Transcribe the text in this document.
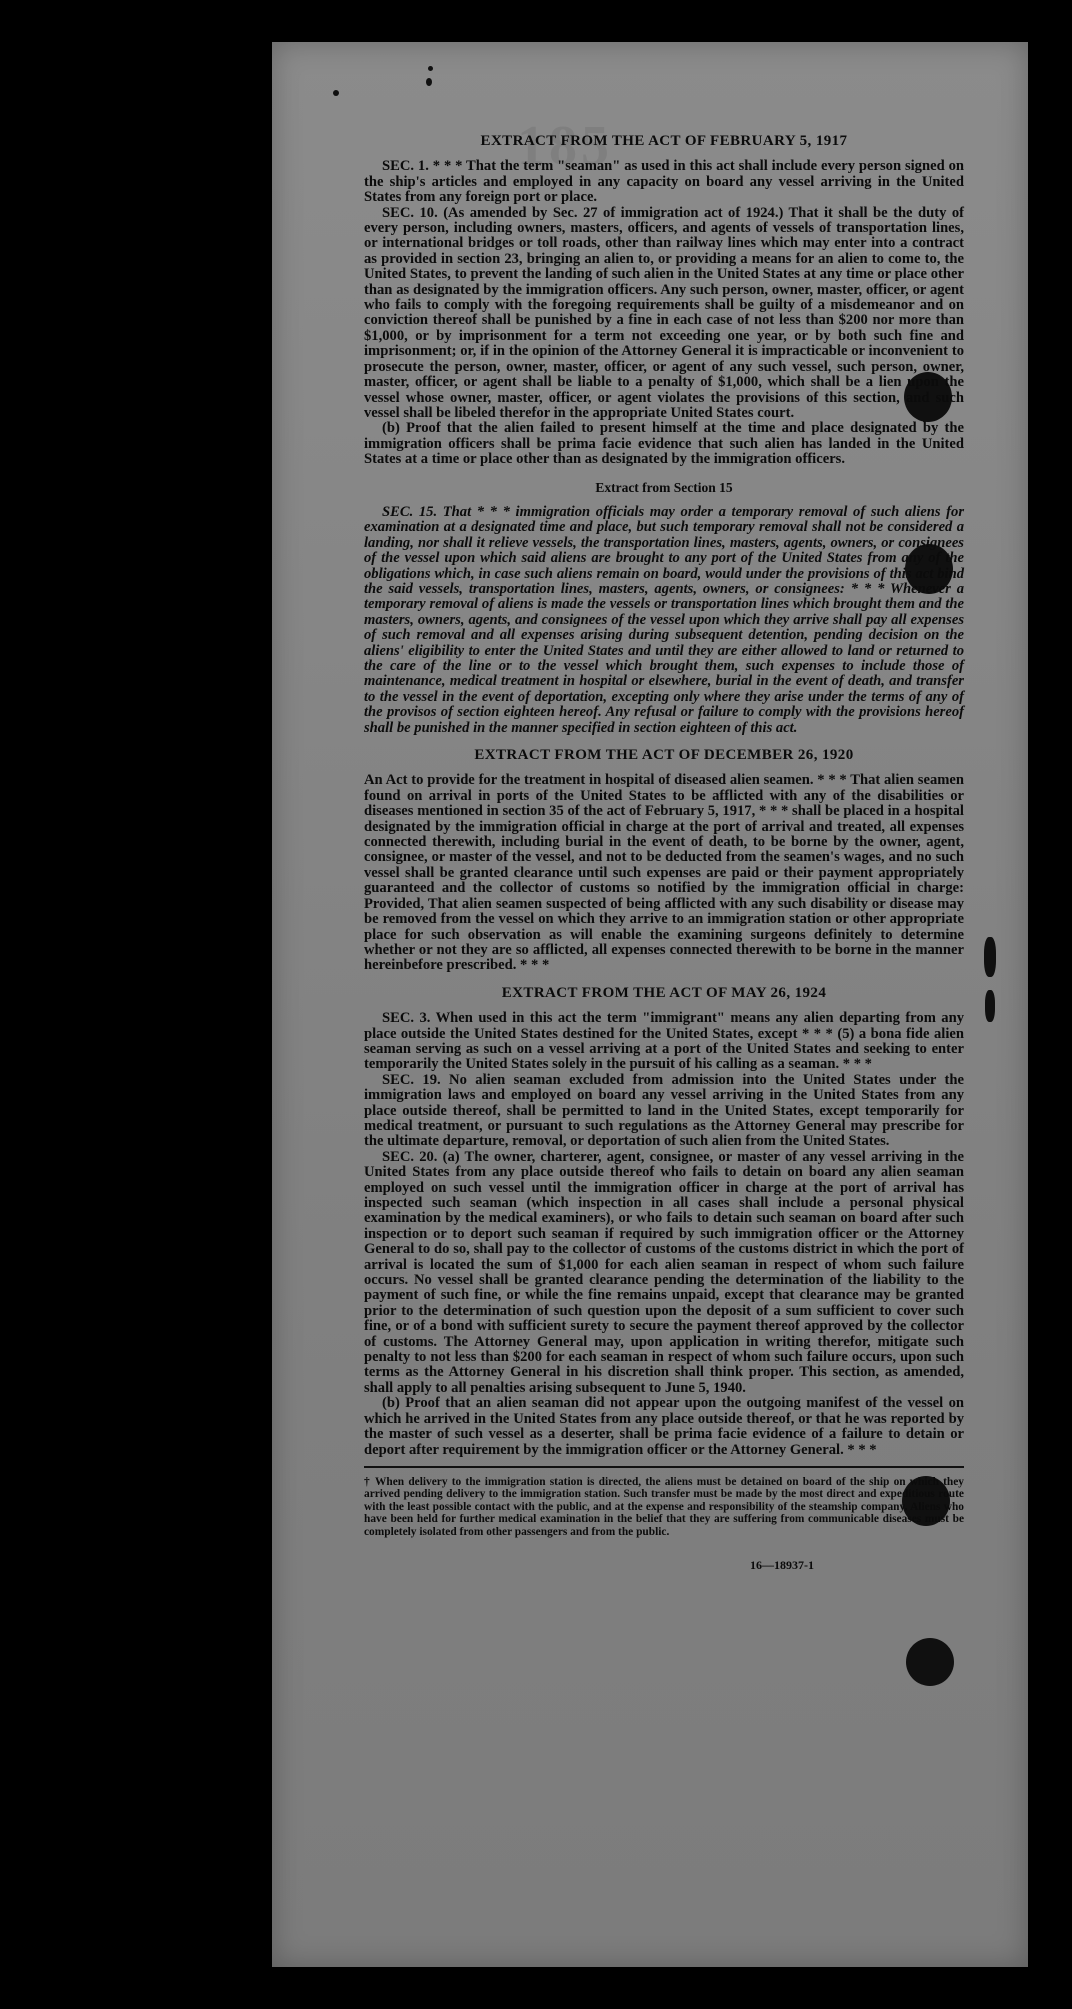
185
EXTRACT FROM THE ACT OF FEBRUARY 5, 1917

SEC. 1. * * * That the term "seaman" as used in this act shall include every person signed on the ship's articles and employed in any capacity on board any vessel arriving in the United States from any foreign port or place.

SEC. 10. (As amended by Sec. 27 of immigration act of 1924.) That it shall be the duty of every person, including owners, masters, officers, and agents of vessels of transportation lines, or international bridges or toll roads, other than railway lines which may enter into a contract as provided in section 23, bringing an alien to, or providing a means for an alien to come to, the United States, to prevent the landing of such alien in the United States at any time or place other than as designated by the immigration officers. Any such person, owner, master, officer, or agent who fails to comply with the foregoing requirements shall be guilty of a misdemeanor and on conviction thereof shall be punished by a fine in each case of not less than $200 nor more than $1,000, or by imprisonment for a term not exceeding one year, or by both such fine and imprisonment; or, if in the opinion of the Attorney General it is impracticable or inconvenient to prosecute the person, owner, master, officer, or agent of any such vessel, such person, owner, master, officer, or agent shall be liable to a penalty of $1,000, which shall be a lien upon the vessel whose owner, master, officer, or agent violates the provisions of this section, and such vessel shall be libeled therefor in the appropriate United States court.

(b) Proof that the alien failed to present himself at the time and place designated by the immigration officers shall be prima facie evidence that such alien has landed in the United States at a time or place other than as designated by the immigration officers.

Extract from Section 15

SEC. 15. That * * * immigration officials may order a temporary removal of such aliens for examination at a designated time and place, but such temporary removal shall not be considered a landing, nor shall it relieve vessels, the transportation lines, masters, agents, owners, or consignees of the vessel upon which said aliens are brought to any port of the United States from any of the obligations which, in case such aliens remain on board, would under the provisions of this act bind the said vessels, transportation lines, masters, agents, owners, or consignees: * * * Whenever a temporary removal of aliens is made the vessels or transportation lines which brought them and the masters, owners, agents, and consignees of the vessel upon which they arrive shall pay all expenses of such removal and all expenses arising during subsequent detention, pending decision on the aliens' eligibility to enter the United States and until they are either allowed to land or returned to the care of the line or to the vessel which brought them, such expenses to include those of maintenance, medical treatment in hospital or elsewhere, burial in the event of death, and transfer to the vessel in the event of deportation, excepting only where they arise under the terms of any of the provisos of section eighteen hereof. Any refusal or failure to comply with the provisions hereof shall be punished in the manner specified in section eighteen of this act.

EXTRACT FROM THE ACT OF DECEMBER 26, 1920

An Act to provide for the treatment in hospital of diseased alien seamen. * * * That alien seamen found on arrival in ports of the United States to be afflicted with any of the disabilities or diseases mentioned in section 35 of the act of February 5, 1917, * * * shall be placed in a hospital designated by the immigration official in charge at the port of arrival and treated, all expenses connected therewith, including burial in the event of death, to be borne by the owner, agent, consignee, or master of the vessel, and not to be deducted from the seamen's wages, and no such vessel shall be granted clearance until such expenses are paid or their payment appropriately guaranteed and the collector of customs so notified by the immigration official in charge: Provided, That alien seamen suspected of being afflicted with any such disability or disease may be removed from the vessel on which they arrive to an immigration station or other appropriate place for such observation as will enable the examining surgeons definitely to determine whether or not they are so afflicted, all expenses connected therewith to be borne in the manner hereinbefore prescribed. * * *

EXTRACT FROM THE ACT OF MAY 26, 1924

SEC. 3. When used in this act the term "immigrant" means any alien departing from any place outside the United States destined for the United States, except * * * (5) a bona fide alien seaman serving as such on a vessel arriving at a port of the United States and seeking to enter temporarily the United States solely in the pursuit of his calling as a seaman. * * *

SEC. 19. No alien seaman excluded from admission into the United States under the immigration laws and employed on board any vessel arriving in the United States from any place outside thereof, shall be permitted to land in the United States, except temporarily for medical treatment, or pursuant to such regulations as the Attorney General may prescribe for the ultimate departure, removal, or deportation of such alien from the United States.

SEC. 20. (a) The owner, charterer, agent, consignee, or master of any vessel arriving in the United States from any place outside thereof who fails to detain on board any alien seaman employed on such vessel until the immigration officer in charge at the port of arrival has inspected such seaman (which inspection in all cases shall include a personal physical examination by the medical examiners), or who fails to detain such seaman on board after such inspection or to deport such seaman if required by such immigration officer or the Attorney General to do so, shall pay to the collector of customs of the customs district in which the port of arrival is located the sum of $1,000 for each alien seaman in respect of whom such failure occurs. No vessel shall be granted clearance pending the determination of the liability to the payment of such fine, or while the fine remains unpaid, except that clearance may be granted prior to the determination of such question upon the deposit of a sum sufficient to cover such fine, or of a bond with sufficient surety to secure the payment thereof approved by the collector of customs. The Attorney General may, upon application in writing therefor, mitigate such penalty to not less than $200 for each seaman in respect of whom such failure occurs, upon such terms as the Attorney General in his discretion shall think proper. This section, as amended, shall apply to all penalties arising subsequent to June 5, 1940.

(b) Proof that an alien seaman did not appear upon the outgoing manifest of the vessel on which he arrived in the United States from any place outside thereof, or that he was reported by the master of such vessel as a deserter, shall be prima facie evidence of a failure to detain or deport after requirement by the immigration officer or the Attorney General. * * *

† When delivery to the immigration station is directed, the aliens must be detained on board of the ship on which they arrived pending delivery to the immigration station. Such transfer must be made by the most direct and expeditious route with the least possible contact with the public, and at the expense and responsibility of the steamship company. Aliens who have been held for further medical examination in the belief that they are suffering from communicable diseases must be completely isolated from other passengers and from the public.

16—18937-1
